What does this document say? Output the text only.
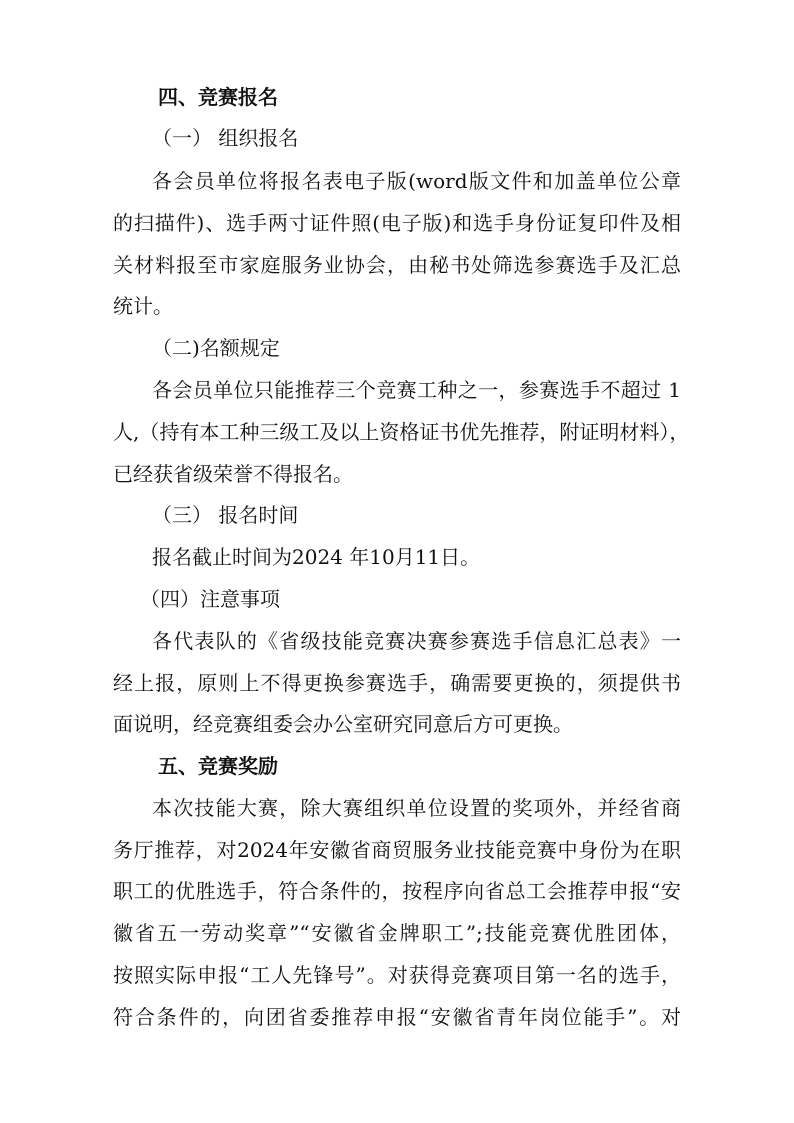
四、竞赛报名
（一） 组织报名
各会员单位将报名表电子版(word版文件和加盖单位公章
的扫描件)、选手两寸证件照(电子版)和选手身份证复印件及相
关材料报至市家庭服务业协会，由秘书处筛选参赛选手及汇总
统计。
（二)名额规定
各会员单位只能推荐三个竞赛工种之一，参赛选手不超过 1
人,（持有本工种三级工及以上资格证书优先推荐，附证明材料），
已经获省级荣誉不得报名。
（三） 报名时间
报名截止时间为2024 年10月11日。
（四）注意事项
各代表队的《省级技能竞赛决赛参赛选手信息汇总表》一
经上报，原则上不得更换参赛选手，确需要更换的，须提供书
面说明，经竞赛组委会办公室研究同意后方可更换。
五、竞赛奖励
本次技能大赛，除大赛组织单位设置的奖项外，并经省商
务厅推荐，对2024年安徽省商贸服务业技能竞赛中身份为在职
职工的优胜选手，符合条件的，按程序向省总工会推荐申报“安
徽省五一劳动奖章”“安徽省金牌职工”;技能竞赛优胜团体，
按照实际申报“工人先锋号”。对获得竞赛项目第一名的选手，
符合条件的，向团省委推荐申报“安徽省青年岗位能手”。对
